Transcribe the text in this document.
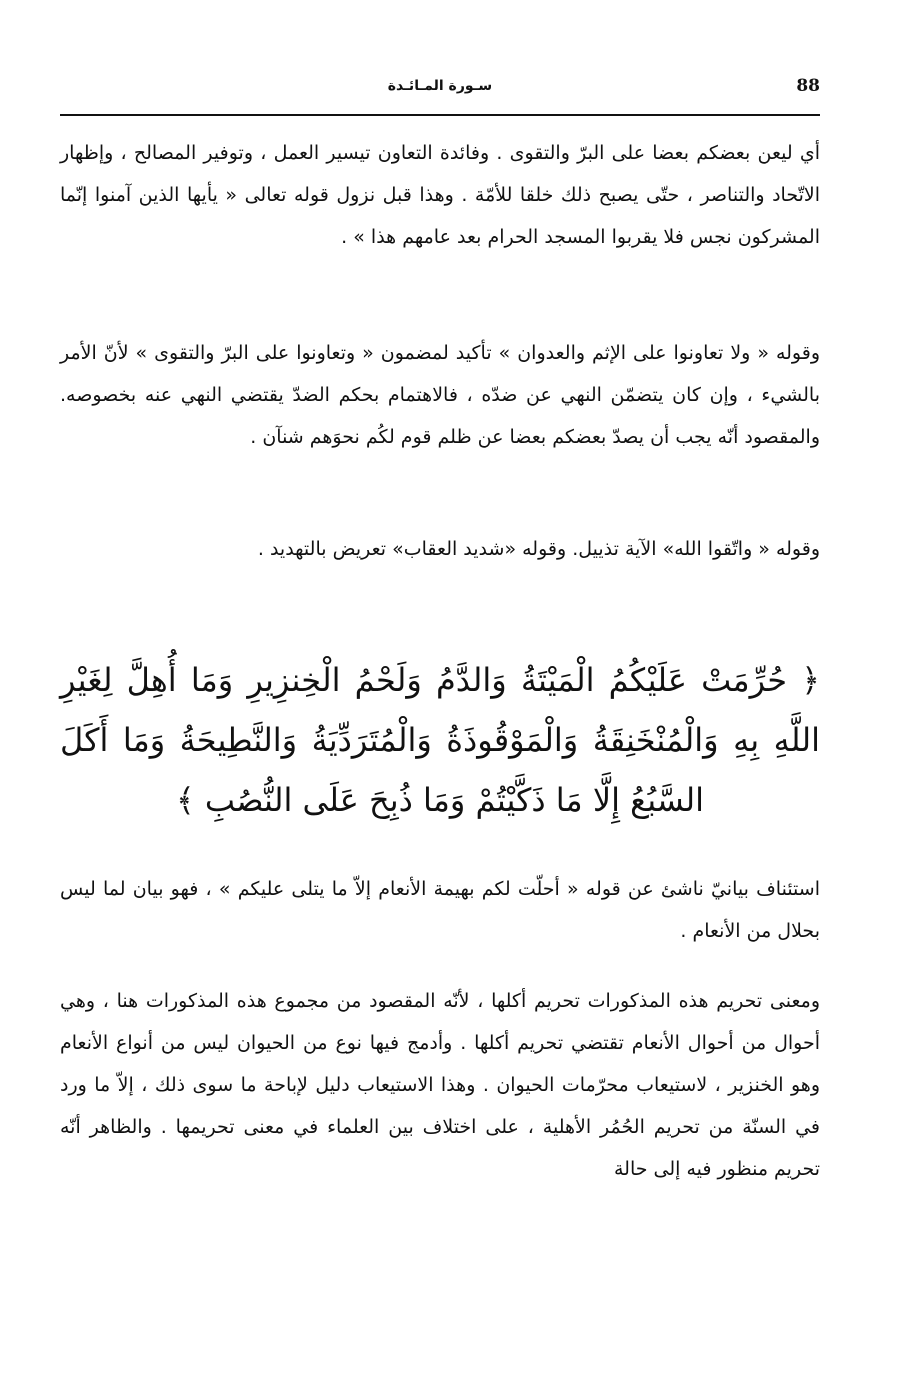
88
سـورة المـائـدة

أي ليعن بعضكم بعضا على البرّ والتقوى . وفائدة التعاون تيسير العمل ، وتوفير المصالح ، وإظهار الاتّحاد والتناصر ، حتّى يصبح ذلك خلقا للأمّة . وهذا قبل نزول قوله تعالى « يأيها الذين آمنوا إنّما المشركون نجس فلا يقربوا المسجد الحرام بعد عامهم هذا » .

وقوله « ولا تعاونوا على الإثم والعدوان » تأكيد لمضمون « وتعاونوا على البرّ والتقوى » لأنّ الأمر بالشيء ، وإن كان يتضمّن النهي عن ضدّه ، فالاهتمام بحكم الضدّ يقتضي النهي عنه بخصوصه. والمقصود أنّه يجب أن يصدّ بعضكم بعضا عن ظلم قوم لكُم نحوَهم شنآن .

وقوله « واتّقوا الله» الآية تذييل. وقوله «شديد العقاب» تعريض بالتهديد .

﴿ حُرِّمَتْ عَلَيْكُمُ الْمَيْتَةُ وَالدَّمُ وَلَحْمُ الْخِنزِيرِ وَمَا أُهِلَّ لِغَيْرِ اللَّهِ بِهِ وَالْمُنْخَنِقَةُ وَالْمَوْقُوذَةُ وَالْمُتَرَدِّيَةُ وَالنَّطِيحَةُ وَمَا أَكَلَ السَّبُعُ إِلَّا مَا ذَكَّيْتُمْ وَمَا ذُبِحَ عَلَى النُّصُبِ ﴾

استئناف بيانيّ ناشئ عن قوله « أحلّت لكم بهيمة الأنعام إلاّ ما يتلى عليكم » ، فهو بيان لما ليس بحلال من الأنعام .

ومعنى تحريم هذه المذكورات تحريم أكلها ، لأنّه المقصود من مجموع هذه المذكورات هنا ، وهي أحوال من أحوال الأنعام تقتضي تحريم أكلها . وأدمج فيها نوع من الحيوان ليس من أنواع الأنعام وهو الخنزير ، لاستيعاب محرّمات الحيوان . وهذا الاستيعاب دليل لإباحة ما سوى ذلك ، إلاّ ما ورد في السنّة من تحريم الحُمُر الأهلية ، على اختلاف بين العلماء في معنى تحريمها . والظاهر أنّه تحريم منظور فيه إلى حالة
